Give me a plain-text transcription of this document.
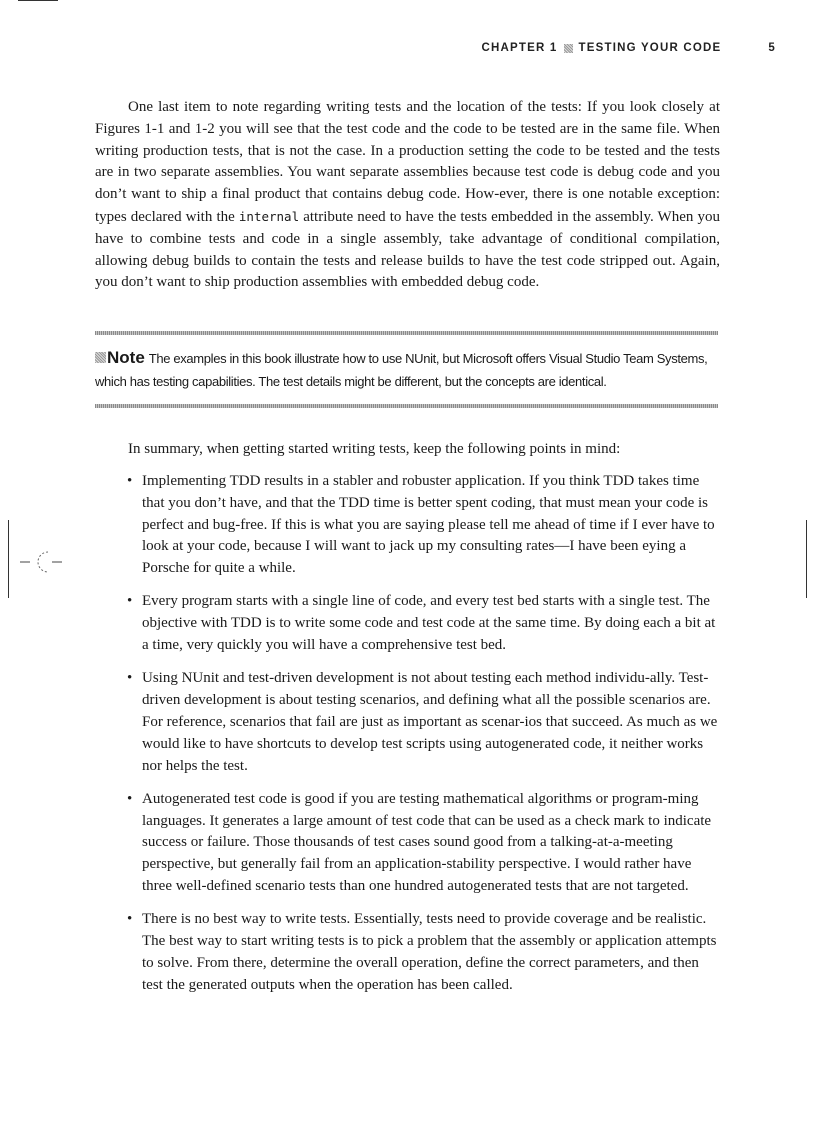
CHAPTER 1 TESTING YOUR CODE	5

One last item to note regarding writing tests and the location of the tests: If you look closely at Figures 1-1 and 1-2 you will see that the test code and the code to be tested are in the same file. When writing production tests, that is not the case. In a production setting the code to be tested and the tests are in two separate assemblies. You want separate assemblies because test code is debug code and you don’t want to ship a final product that contains debug code. How-ever, there is one notable exception: types declared with the internal attribute need to have the tests embedded in the assembly. When you have to combine tests and code in a single assembly, take advantage of conditional compilation, allowing debug builds to contain the tests and release builds to have the test code stripped out. Again, you don’t want to ship production assemblies with embedded debug code.

Note The examples in this book illustrate how to use NUnit, but Microsoft offers Visual Studio Team Systems, which has testing capabilities. The test details might be different, but the concepts are identical.

In summary, when getting started writing tests, keep the following points in mind:

• Implementing TDD results in a stabler and robuster application. If you think TDD takes time that you don’t have, and that the TDD time is better spent coding, that must mean your code is perfect and bug-free. If this is what you are saying please tell me ahead of time if I ever have to look at your code, because I will want to jack up my consulting rates—I have been eying a Porsche for quite a while.
• Every program starts with a single line of code, and every test bed starts with a single test. The objective with TDD is to write some code and test code at the same time. By doing each a bit at a time, very quickly you will have a comprehensive test bed.
• Using NUnit and test-driven development is not about testing each method individu-ally. Test-driven development is about testing scenarios, and defining what all the possible scenarios are. For reference, scenarios that fail are just as important as scenar-ios that succeed. As much as we would like to have shortcuts to develop test scripts using autogenerated code, it neither works nor helps the test.
• Autogenerated test code is good if you are testing mathematical algorithms or program-ming languages. It generates a large amount of test code that can be used as a check mark to indicate success or failure. Those thousands of test cases sound good from a talking-at-a-meeting perspective, but generally fail from an application-stability perspective. I would rather have three well-defined scenario tests than one hundred autogenerated tests that are not targeted.
• There is no best way to write tests. Essentially, tests need to provide coverage and be realistic. The best way to start writing tests is to pick a problem that the assembly or application attempts to solve. From there, determine the overall operation, define the correct parameters, and then test the generated outputs when the operation has been called.
